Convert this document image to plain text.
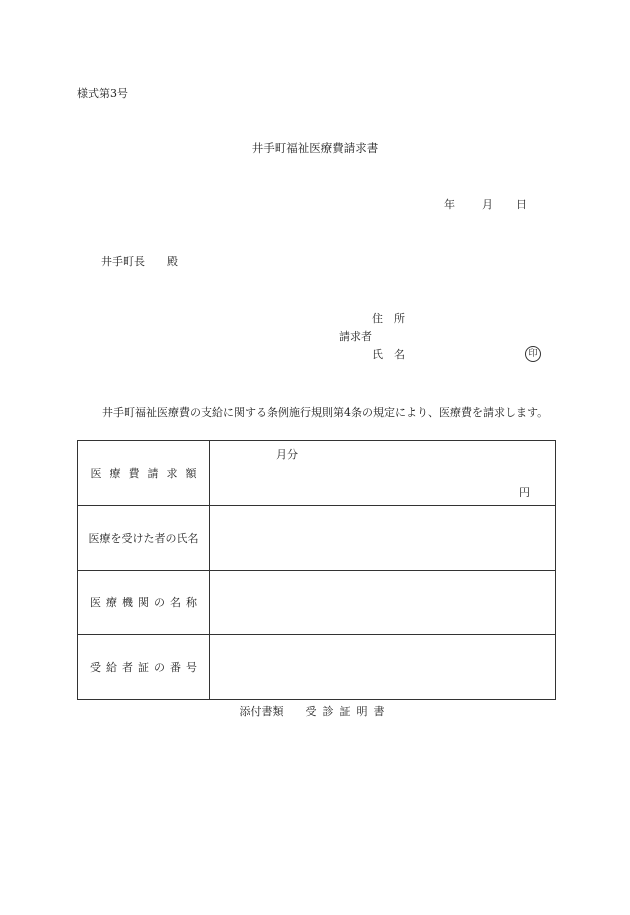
様式第3号
井手町福祉医療費請求書
年 月 日
井手町長 殿
住所
請求者
氏名	印
井手町福祉医療費の支給に関する条例施行規則第4条の規定により、医療費を請求します。
医療費請求額	月分
円

医療を受けた者の氏名	
医療機関の名称	
受給者証の番号	
添付書類 受診証明書
